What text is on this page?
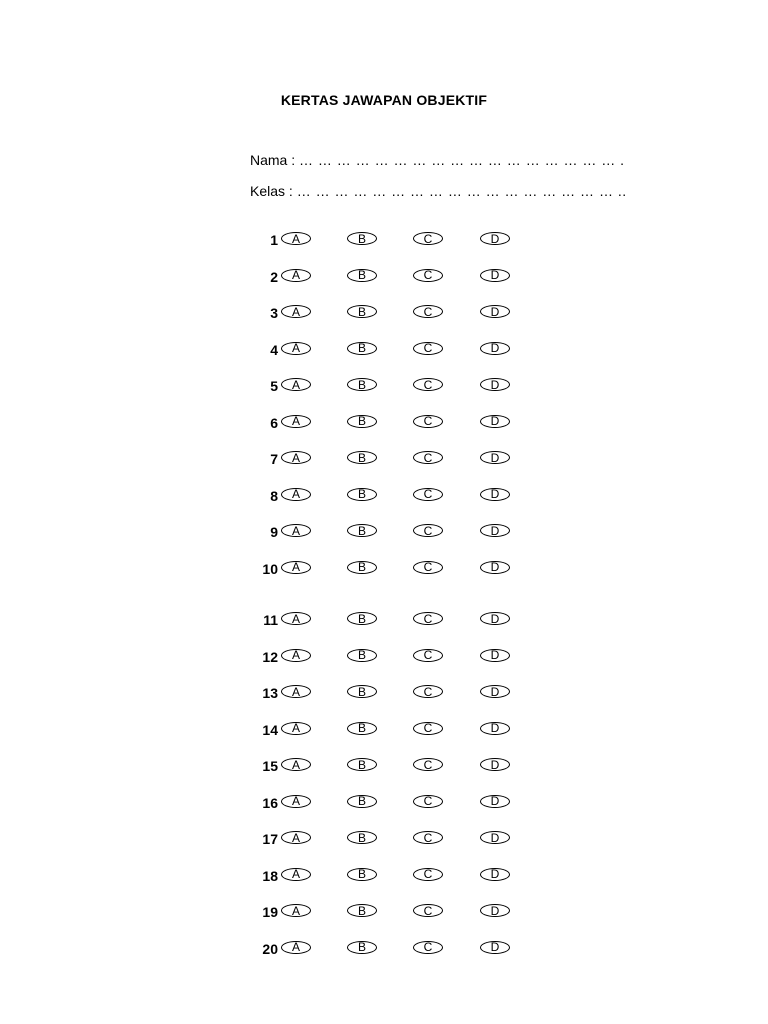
KERTAS JAWAPAN OBJEKTIF
Nama : … … … … … … … … … … … … … … … … … .
Kelas : … … … … … … … … … … … … … … … … … ..
1	A	B	C	D
2	A	B	C	D
3	A	B	C	D
4	A	B	C	D
5	A	B	C	D
6	A	B	C	D
7	A	B	C	D
8	A	B	C	D
9	A	B	C	D
10	A	B	C	D
11	A	B	C	D
12	A	B	C	D
13	A	B	C	D
14	A	B	C	D
15	A	B	C	D
16	A	B	C	D
17	A	B	C	D
18	A	B	C	D
19	A	B	C	D
20	A	B	C	D
